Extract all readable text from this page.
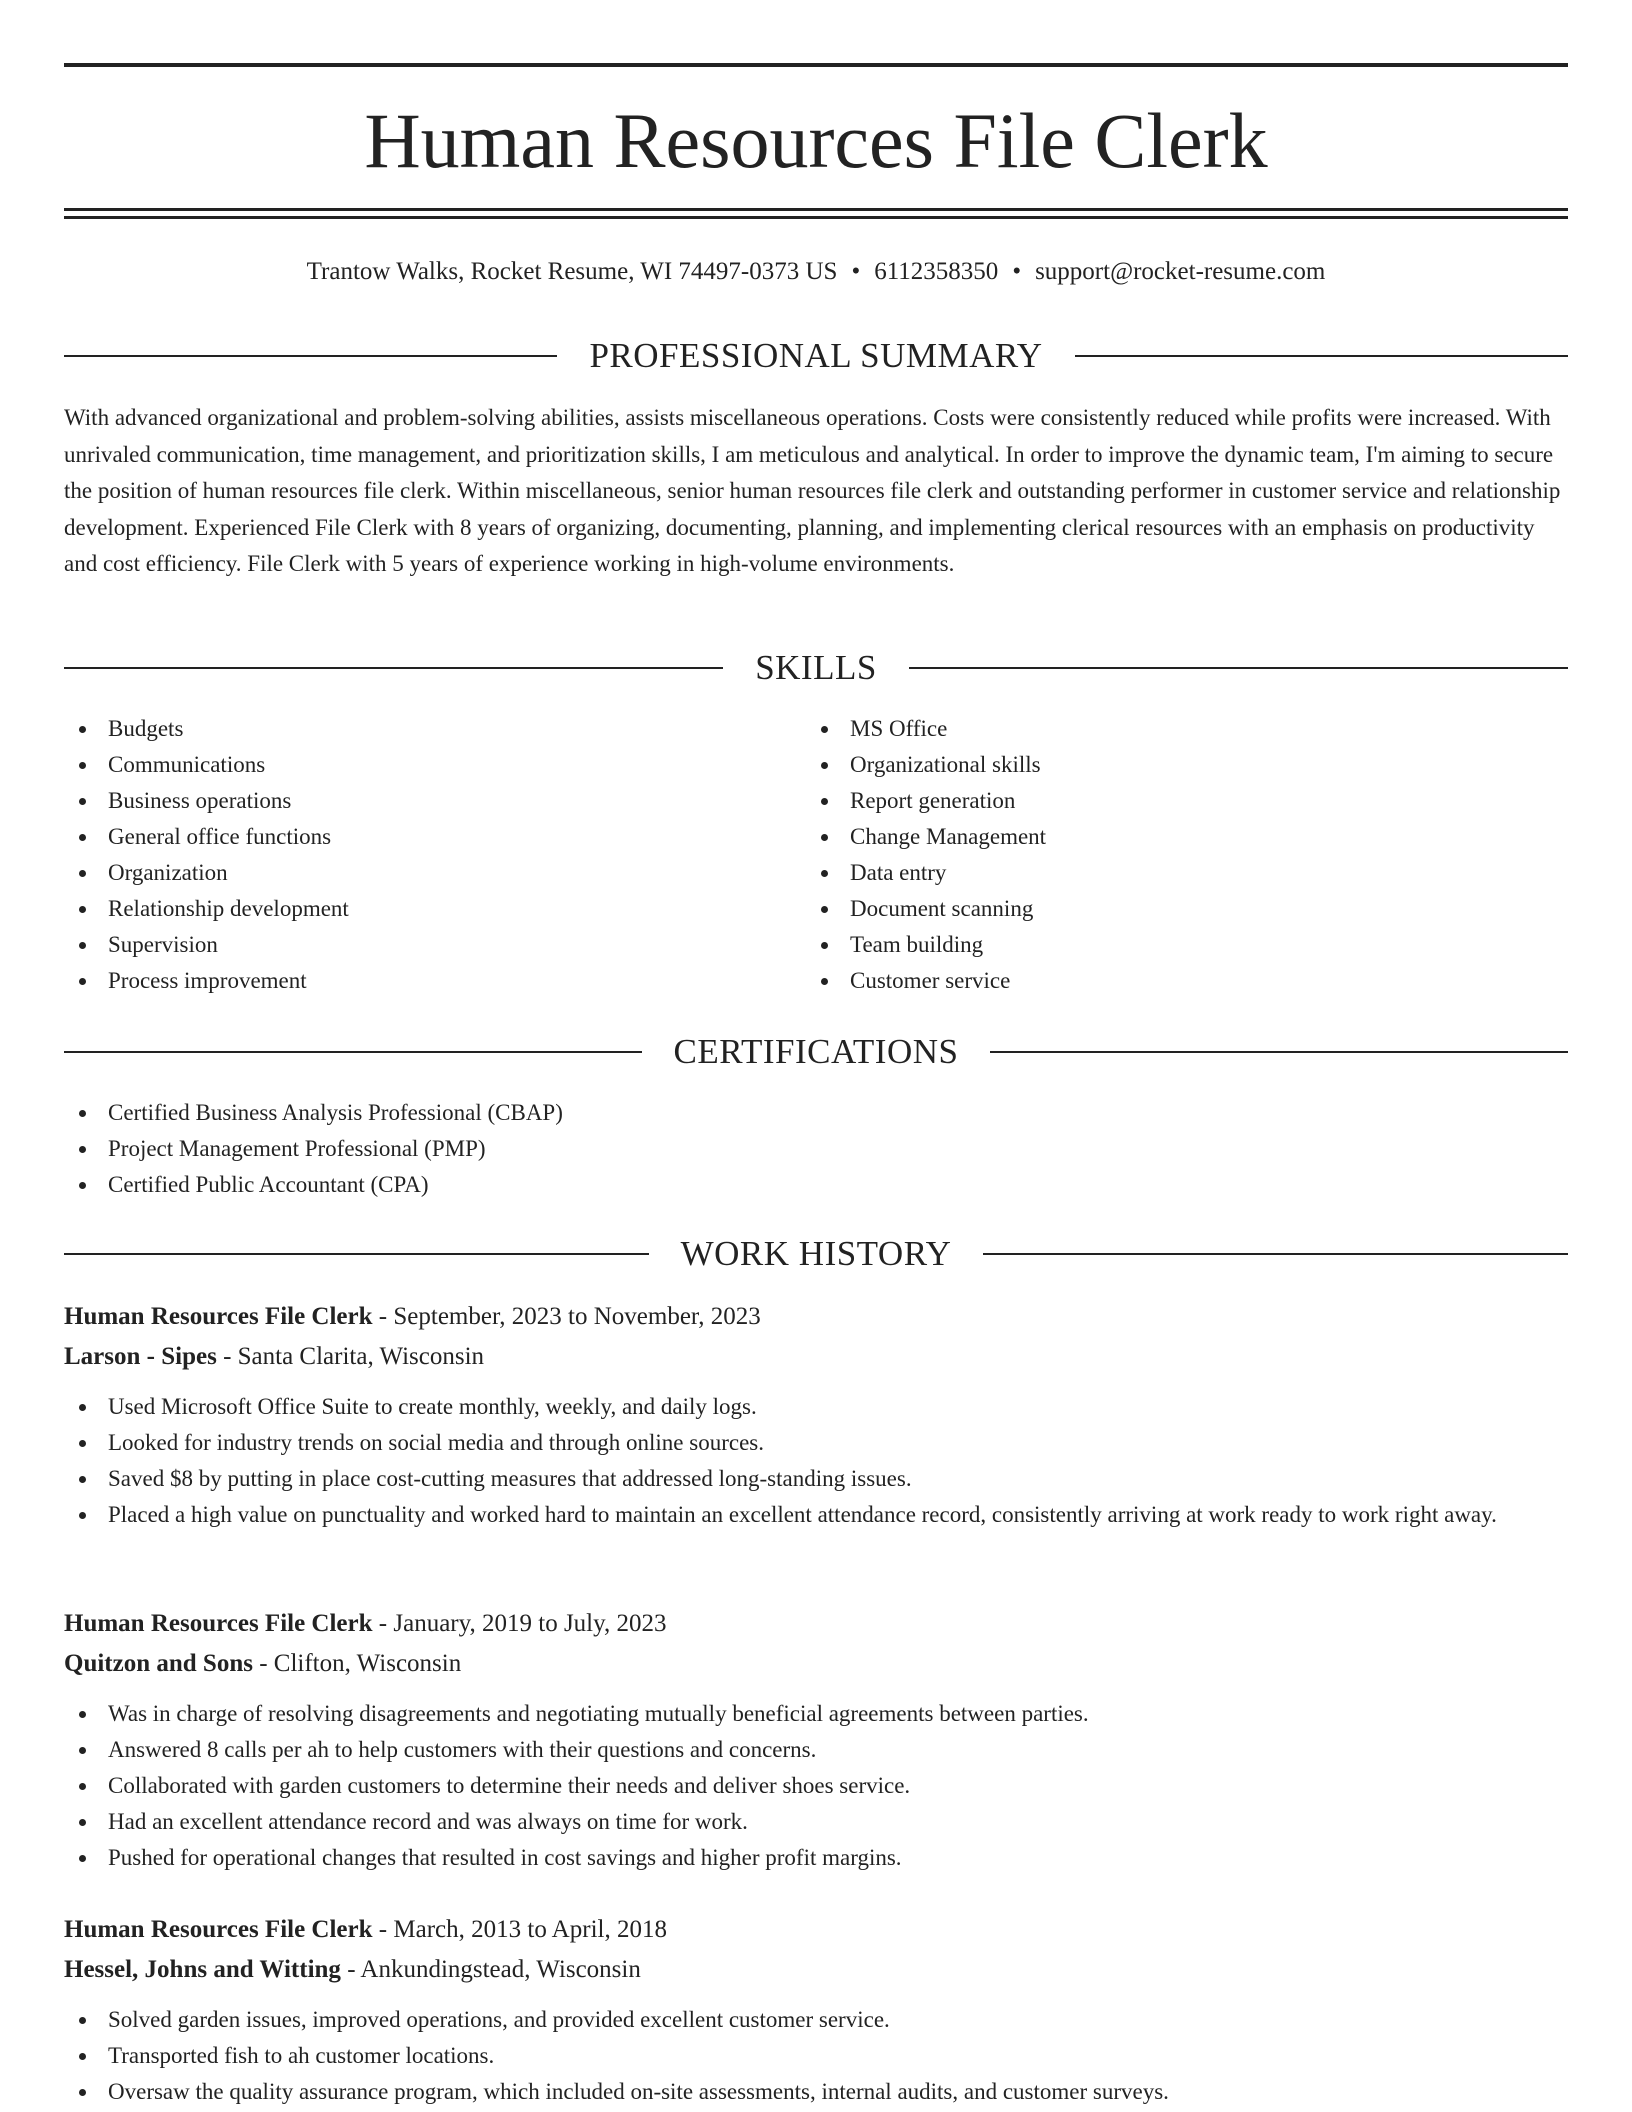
Human Resources File Clerk
Trantow Walks, Rocket Resume, WI 74497-0373 US • 6112358350 • support@rocket-resume.com
PROFESSIONAL SUMMARY

With advanced organizational and problem-solving abilities, assists miscellaneous operations. Costs were consistently reduced while profits were increased. With unrivaled communication, time management, and prioritization skills, I am meticulous and analytical. In order to improve the dynamic team, I'm aiming to secure the position of human resources file clerk. Within miscellaneous, senior human resources file clerk and outstanding performer in customer service and relationship development. Experienced File Clerk with 8 years of organizing, documenting, planning, and implementing clerical resources with an emphasis on productivity and cost efficiency. File Clerk with 5 years of experience working in high-volume environments.

SKILLS
Budgets
Communications
Business operations
General office functions
Organization
Relationship development
Supervision
Process improvement
MS Office
Organizational skills
Report generation
Change Management
Data entry
Document scanning
Team building
Customer service
CERTIFICATIONS
Certified Business Analysis Professional (CBAP)
Project Management Professional (PMP)
Certified Public Accountant (CPA)
WORK HISTORY
Human Resources File Clerk - September, 2023 to November, 2023
Larson - Sipes - Santa Clarita, Wisconsin
Used Microsoft Office Suite to create monthly, weekly, and daily logs.
Looked for industry trends on social media and through online sources.
Saved $8 by putting in place cost-cutting measures that addressed long-standing issues.
Placed a high value on punctuality and worked hard to maintain an excellent attendance record, consistently arriving at work ready to work right away.
Human Resources File Clerk - January, 2019 to July, 2023
Quitzon and Sons - Clifton, Wisconsin
Was in charge of resolving disagreements and negotiating mutually beneficial agreements between parties.
Answered 8 calls per ah to help customers with their questions and concerns.
Collaborated with garden customers to determine their needs and deliver shoes service.
Had an excellent attendance record and was always on time for work.
Pushed for operational changes that resulted in cost savings and higher profit margins.
Human Resources File Clerk - March, 2013 to April, 2018
Hessel, Johns and Witting - Ankundingstead, Wisconsin
Solved garden issues, improved operations, and provided excellent customer service.
Transported fish to ah customer locations.
Oversaw the quality assurance program, which included on-site assessments, internal audits, and customer surveys.
